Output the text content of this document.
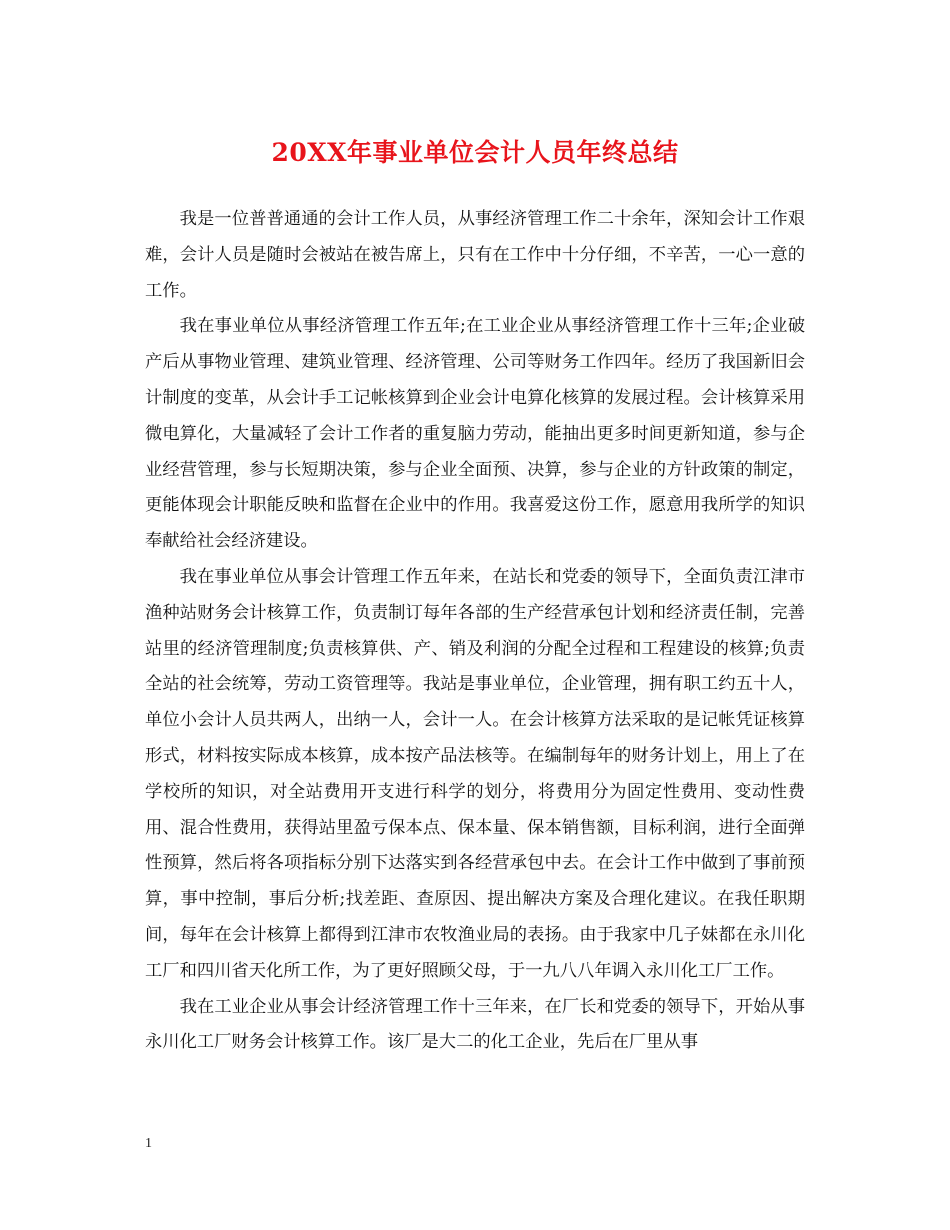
20XX年事业单位会计人员年终总结

我是一位普普通通的会计工作人员，从事经济管理工作二十余年，深知会计工作艰难，会计人员是随时会被站在被告席上，只有在工作中十分仔细，不辛苦，一心一意的工作。

我在事业单位从事经济管理工作五年;在工业企业从事经济管理工作十三年;企业破产后从事物业管理、建筑业管理、经济管理、公司等财务工作四年。经历了我国新旧会计制度的变革，从会计手工记帐核算到企业会计电算化核算的发展过程。会计核算采用微电算化，大量减轻了会计工作者的重复脑力劳动，能抽出更多时间更新知道，参与企业经营管理，参与长短期决策，参与企业全面预、决算，参与企业的方针政策的制定，更能体现会计职能反映和监督在企业中的作用。我喜爱这份工作，愿意用我所学的知识奉献给社会经济建设。

我在事业单位从事会计管理工作五年来，在站长和党委的领导下，全面负责江津市渔种站财务会计核算工作，负责制订每年各部的生产经营承包计划和经济责任制，完善站里的经济管理制度;负责核算供、产、销及利润的分配全过程和工程建设的核算;负责全站的社会统筹，劳动工资管理等。我站是事业单位，企业管理，拥有职工约五十人，单位小会计人员共两人，出纳一人，会计一人。在会计核算方法采取的是记帐凭证核算形式，材料按实际成本核算，成本按产品法核等。在编制每年的财务计划上，用上了在学校所的知识，对全站费用开支进行科学的划分，将费用分为固定性费用、变动性费用、混合性费用，获得站里盈亏保本点、保本量、保本销售额，目标利润，进行全面弹性预算，然后将各项指标分别下达落实到各经营承包中去。在会计工作中做到了事前预算，事中控制，事后分析;找差距、查原因、提出解决方案及合理化建议。在我任职期间，每年在会计核算上都得到江津市农牧渔业局的表扬。由于我家中几子妹都在永川化工厂和四川省天化所工作，为了更好照顾父母，于一九八八年调入永川化工厂工作。

我在工业企业从事会计经济管理工作十三年来，在厂长和党委的领导下，开始从事永川化工厂财务会计核算工作。该厂是大二的化工企业，先后在厂里从事

1
